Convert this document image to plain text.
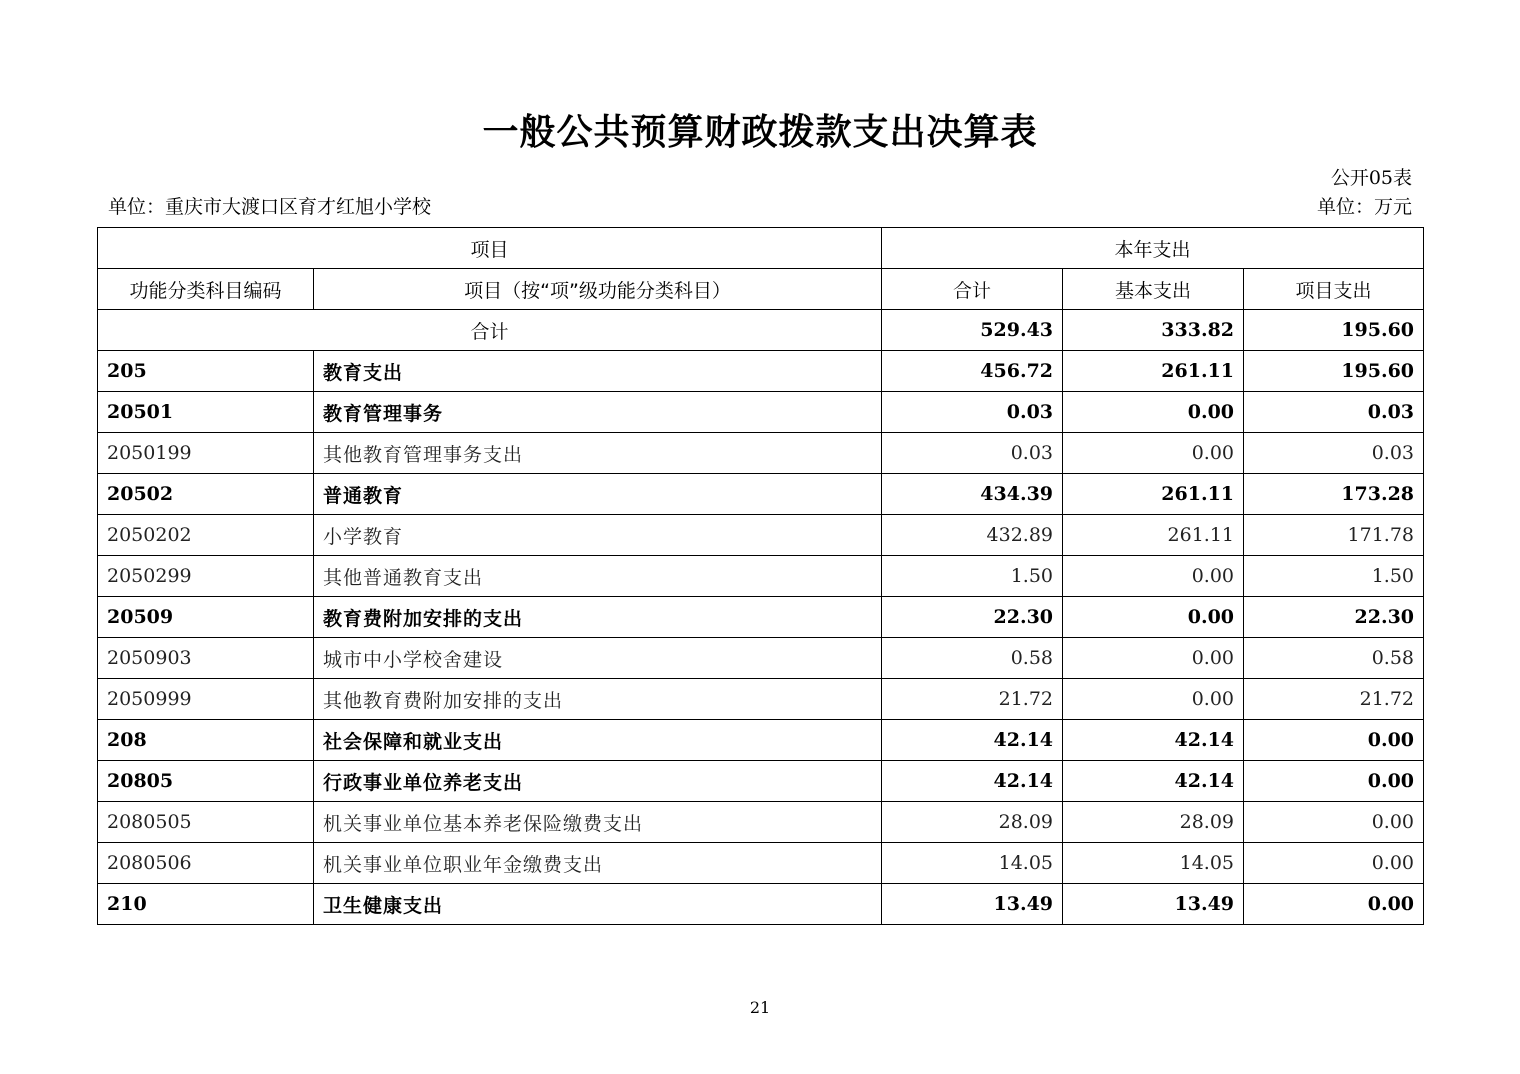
一般公共预算财政拨款支出决算表
公开05表
单位：重庆市大渡口区育才红旭小学校	单位：万元
项目		本年支出		
功能分类科目编码	项目（按“项”级功能分类科目）	合计	基本支出	项目支出
合计		529.43	333.82	195.60
205	教育支出	456.72	261.11	195.60
20501	教育管理事务	0.03	0.00	0.03
2050199	其他教育管理事务支出	0.03	0.00	0.03
20502	普通教育	434.39	261.11	173.28
2050202	小学教育	432.89	261.11	171.78
2050299	其他普通教育支出	1.50	0.00	1.50
20509	教育费附加安排的支出	22.30	0.00	22.30
2050903	城市中小学校舍建设	0.58	0.00	0.58
2050999	其他教育费附加安排的支出	21.72	0.00	21.72
208	社会保障和就业支出	42.14	42.14	0.00
20805	行政事业单位养老支出	42.14	42.14	0.00
2080505	机关事业单位基本养老保险缴费支出	28.09	28.09	0.00
2080506	机关事业单位职业年金缴费支出	14.05	14.05	0.00
210	卫生健康支出	13.49	13.49	0.00
21
